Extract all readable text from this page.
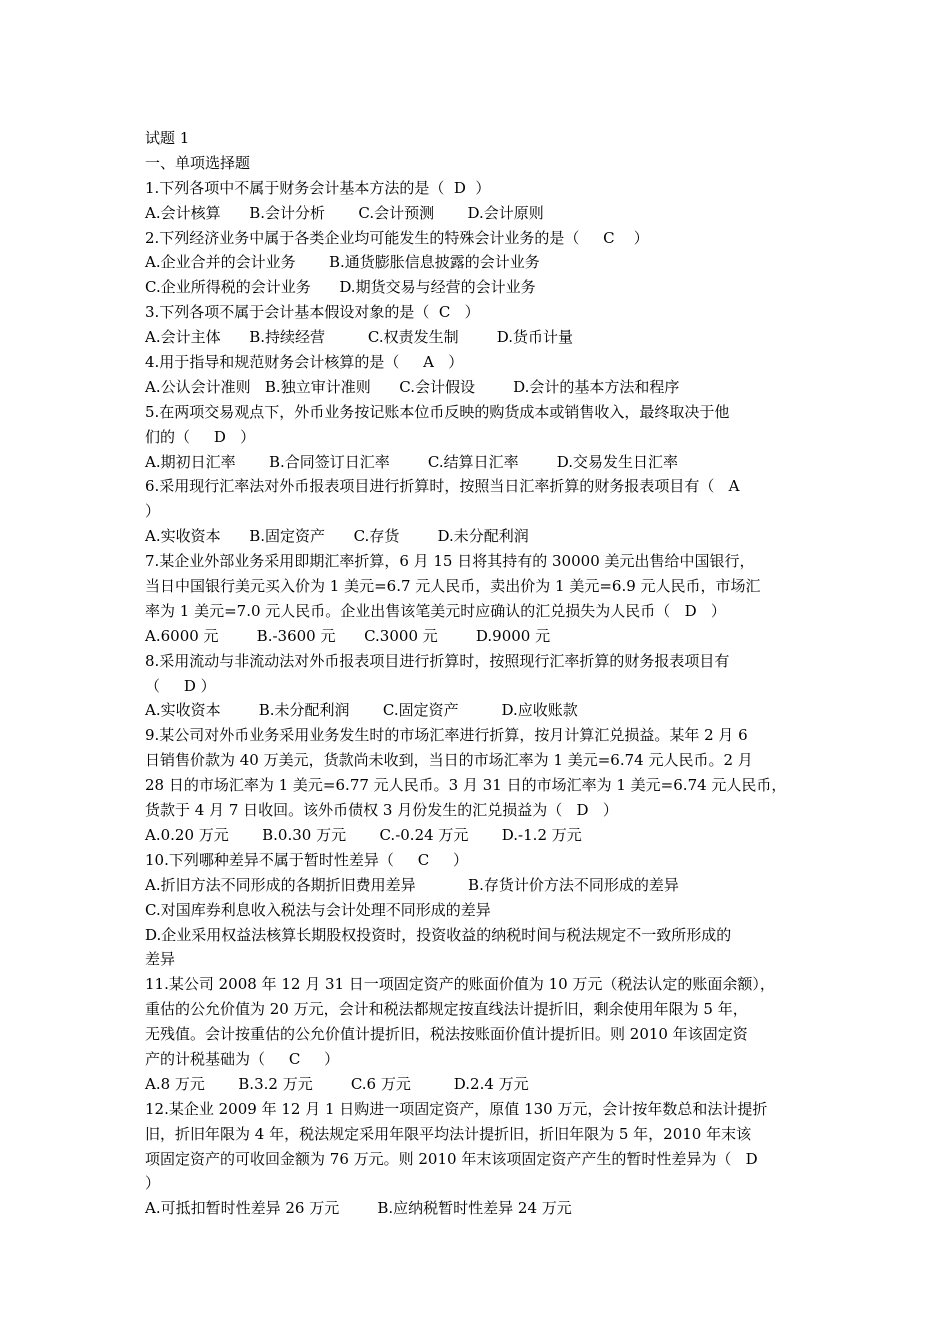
试题 1
一、单项选择题
1.下列各项中不属于财务会计基本方法的是（  D  ）
A.会计核算      B.会计分析       C.会计预测       D.会计原则
2.下列经济业务中属于各类企业均可能发生的特殊会计业务的是（     C    ）
A.企业合并的会计业务       B.通货膨胀信息披露的会计业务
C.企业所得税的会计业务      D.期货交易与经营的会计业务
3.下列各项不属于会计基本假设对象的是（  C   ）
A.会计主体      B.持续经营         C.权责发生制        D.货币计量
4.用于指导和规范财务会计核算的是（     A   ）
A.公认会计准则   B.独立审计准则      C.会计假设        D.会计的基本方法和程序
5.在两项交易观点下，外币业务按记账本位币反映的购货成本或销售收入，最终取决于他
们的（     D   ）
A.期初日汇率       B.合同签订日汇率        C.结算日汇率        D.交易发生日汇率
6.采用现行汇率法对外币报表项目进行折算时，按照当日汇率折算的财务报表项目有（   A
）
A.实收资本      B.固定资产      C.存货        D.未分配利润
7.某企业外部业务采用即期汇率折算，6 月 15 日将其持有的 30000 美元出售给中国银行，
当日中国银行美元买入价为 1 美元=6.7 元人民币，卖出价为 1 美元=6.9 元人民币，市场汇
率为 1 美元=7.0 元人民币。企业出售该笔美元时应确认的汇兑损失为人民币（   D   ）
A.6000 元        B.-3600 元      C.3000 元        D.9000 元
8.采用流动与非流动法对外币报表项目进行折算时，按照现行汇率折算的财务报表项目有
（     D ）
A.实收资本        B.未分配利润       C.固定资产         D.应收账款
9.某公司对外币业务采用业务发生时的市场汇率进行折算，按月计算汇兑损益。某年 2 月 6
日销售价款为 40 万美元，货款尚未收到，当日的市场汇率为 1 美元=6.74 元人民币。2 月
28 日的市场汇率为 1 美元=6.77 元人民币。3 月 31 日的市场汇率为 1 美元=6.74 元人民币，
货款于 4 月 7 日收回。该外币债权 3 月份发生的汇兑损益为（   D   ）
A.0.20 万元       B.0.30 万元       C.-0.24 万元       D.-1.2 万元
10.下列哪种差异不属于暂时性差异（     C     ）
A.折旧方法不同形成的各期折旧费用差异           B.存货计价方法不同形成的差异
C.对国库券利息收入税法与会计处理不同形成的差异
D.企业采用权益法核算长期股权投资时，投资收益的纳税时间与税法规定不一致所形成的
差异
11.某公司 2008 年 12 月 31 日一项固定资产的账面价值为 10 万元（税法认定的账面余额），
重估的公允价值为 20 万元，会计和税法都规定按直线法计提折旧，剩余使用年限为 5 年，
无残值。会计按重估的公允价值计提折旧，税法按账面价值计提折旧。则 2010 年该固定资
产的计税基础为（     C     ）
A.8 万元       B.3.2 万元        C.6 万元         D.2.4 万元
12.某企业 2009 年 12 月 1 日购进一项固定资产，原值 130 万元，会计按年数总和法计提折
旧，折旧年限为 4 年，税法规定采用年限平均法计提折旧，折旧年限为 5 年，2010 年末该
项固定资产的可收回金额为 76 万元。则 2010 年末该项固定资产产生的暂时性差异为（   D
）
A.可抵扣暂时性差异 26 万元        B.应纳税暂时性差异 24 万元
